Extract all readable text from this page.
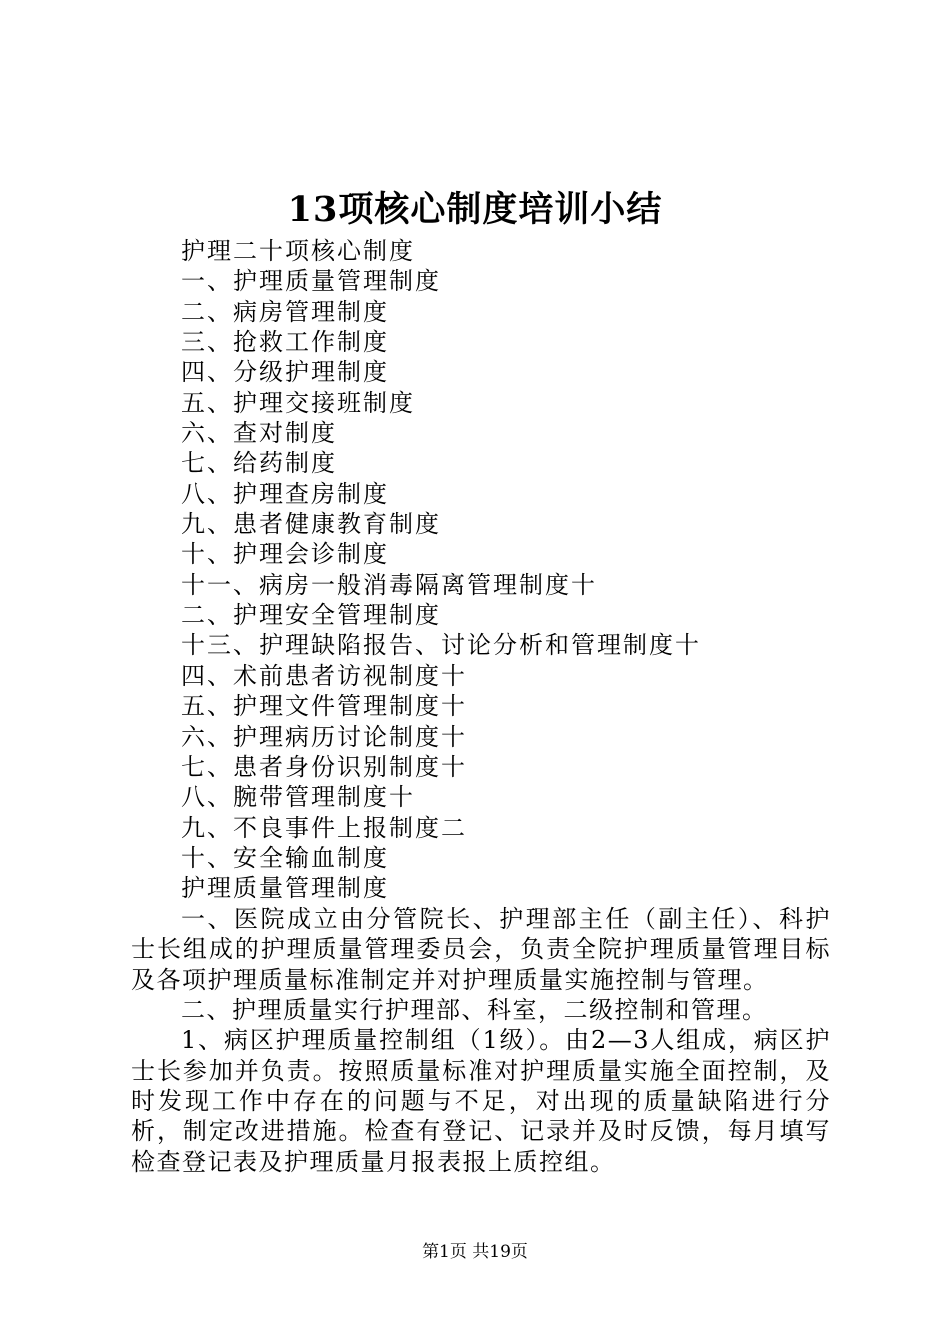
13项核心制度培训小结
护理二十项核心制度
一、护理质量管理制度
二、病房管理制度
三、抢救工作制度
四、分级护理制度
五、护理交接班制度
六、查对制度
七、给药制度
八、护理查房制度
九、患者健康教育制度
十、护理会诊制度
十一、病房一般消毒隔离管理制度十
二、护理安全管理制度
十三、护理缺陷报告、讨论分析和管理制度十
四、术前患者访视制度十
五、护理文件管理制度十
六、护理病历讨论制度十
七、患者身份识别制度十
八、腕带管理制度十
九、不良事件上报制度二
十、安全输血制度
护理质量管理制度

一、医院成立由分管院长、护理部主任（副主任）、科护士长组成的护理质量管理委员会，负责全院护理质量管理目标及各项护理质量标准制定并对护理质量实施控制与管理。

二、护理质量实行护理部、科室，二级控制和管理。

1、病区护理质量控制组（1级）。由2—3人组成，病区护士长参加并负责。按照质量标准对护理质量实施全面控制，及时发现工作中存在的问题与不足，对出现的质量缺陷进行分析，制定改进措施。检查有登记、记录并及时反馈，每月填写检查登记表及护理质量月报表报上质控组。

第1页 共19页
